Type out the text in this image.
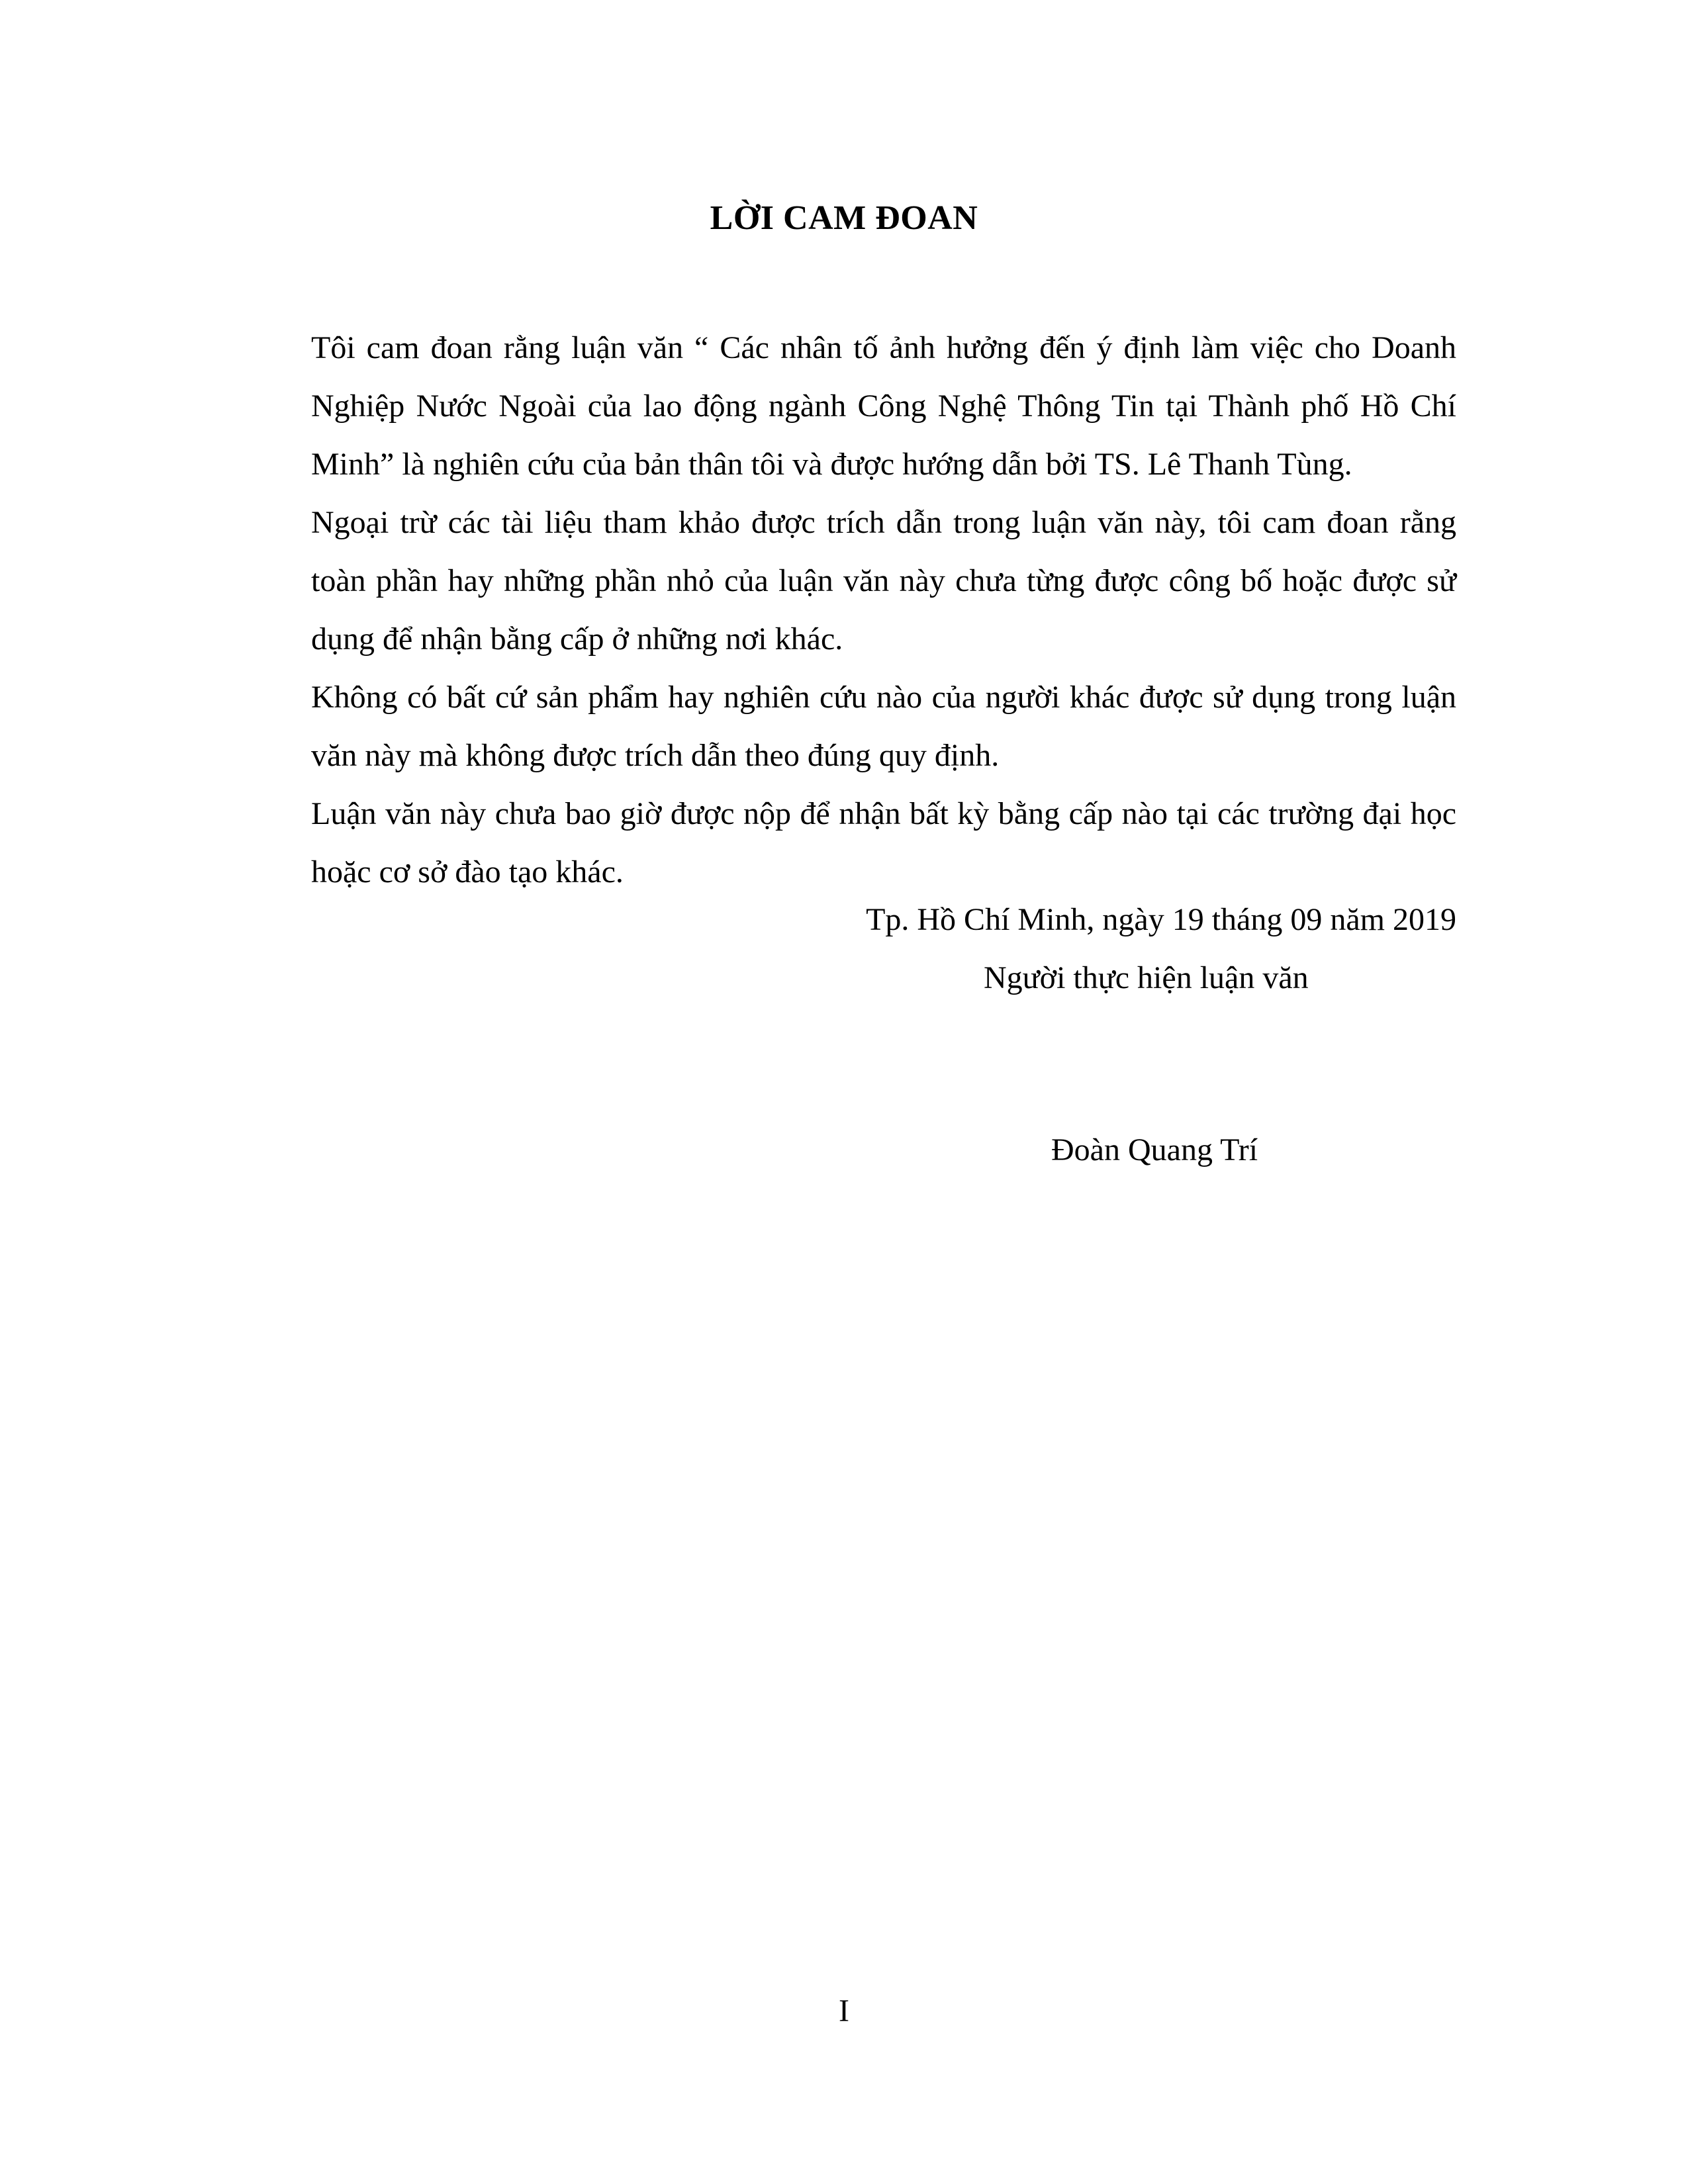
LỜI CAM ĐOAN

Tôi cam đoan rằng luận văn “ Các nhân tố ảnh hưởng đến ý định làm việc cho Doanh Nghiệp Nước Ngoài của lao động ngành Công Nghệ Thông Tin tại Thành phố Hồ Chí Minh” là nghiên cứu của bản thân tôi và được hướng dẫn bởi TS. Lê Thanh Tùng.

Ngoại trừ các tài liệu tham khảo được trích dẫn trong luận văn này, tôi cam đoan rằng toàn phần hay những phần nhỏ của luận văn này chưa từng được công bố hoặc được sử dụng để nhận bằng cấp ở những nơi khác.

Không có bất cứ sản phẩm hay nghiên cứu nào của người khác được sử dụng trong luận văn này mà không được trích dẫn theo đúng quy định.

Luận văn này chưa bao giờ được nộp để nhận bất kỳ bằng cấp nào tại các trường đại học hoặc cơ sở đào tạo khác.

Tp. Hồ Chí Minh, ngày 19 tháng 09 năm 2019
Người thực hiện luận văn
Đoàn Quang Trí
I
